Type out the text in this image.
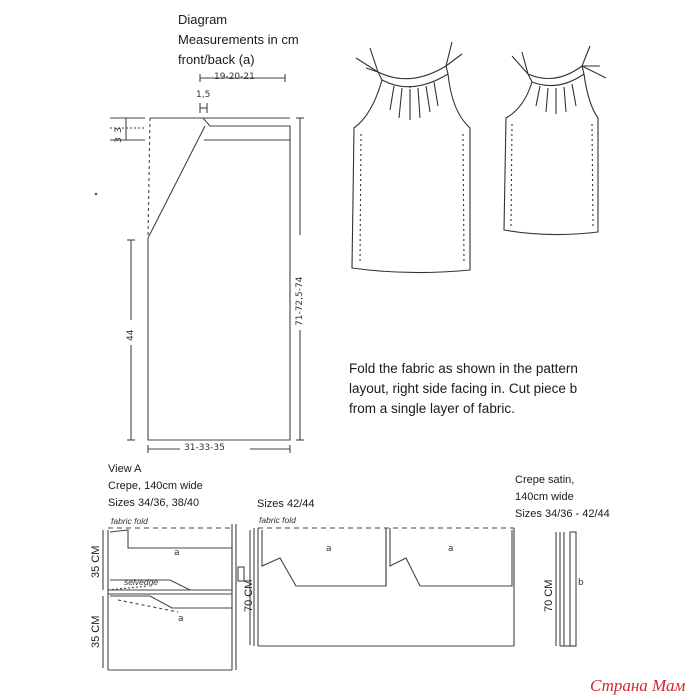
Diagram
Measurements in cm
front/back (a)
19-20-21
1,5
3
3
44
71-72,5-74
31-33-35
Fold the fabric as shown in the pattern
layout, right side facing in. Cut piece b
from a single layer of fabric.
View A
Crepe, 140cm wide
Sizes 34/36, 38/40
fabric fold
selvedge
a
a
35 CM
35 CM
Sizes 42/44
fabric fold
a	a
70 CM
Crepe satin,
140cm wide
Sizes 34/36 - 42/44
b
70 CM
Страна Мам
